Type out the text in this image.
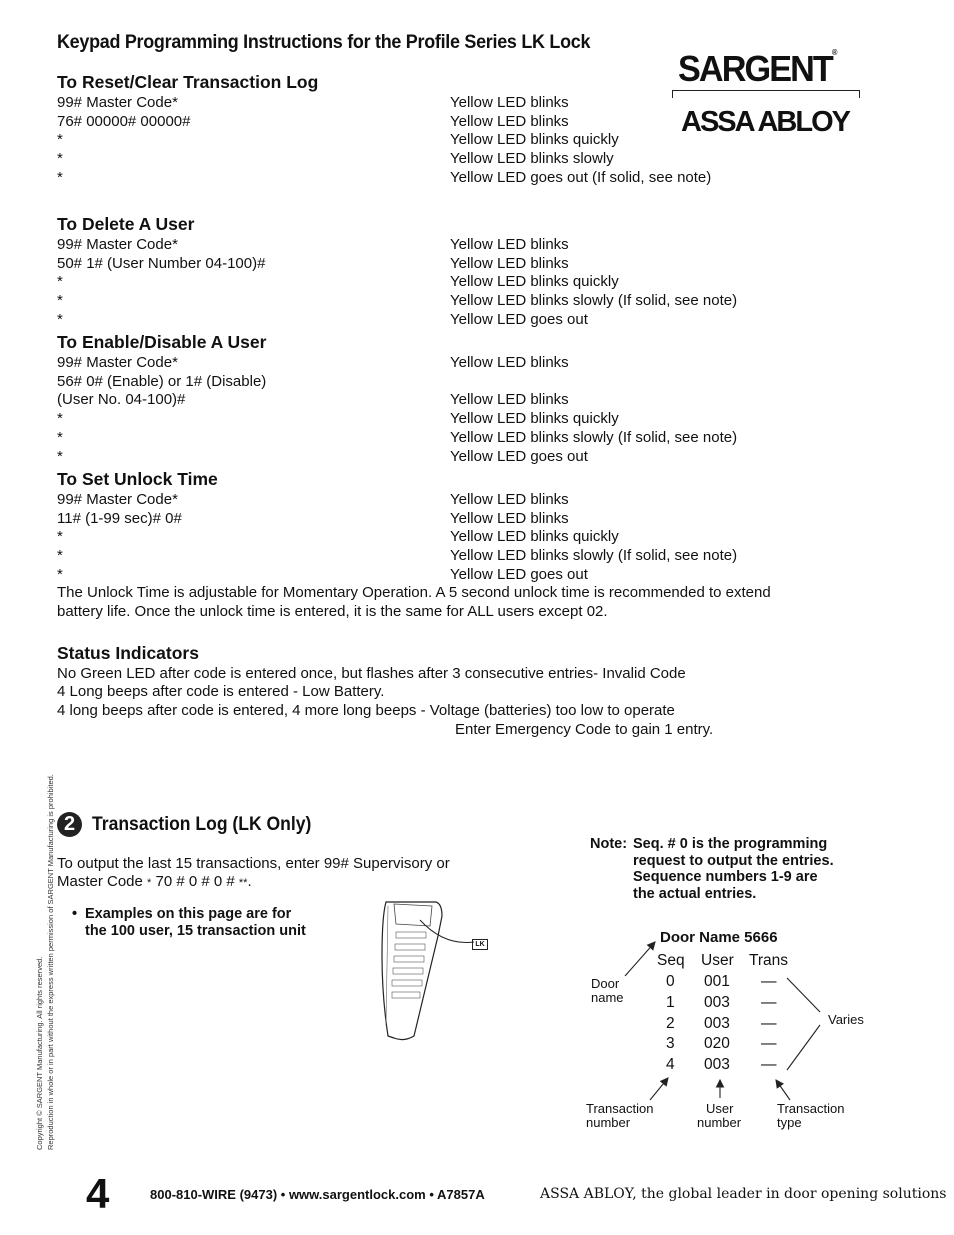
Keypad Programming Instructions for the Profile Series LK Lock
SARGENT®
ASSA ABLOY
To Reset/Clear Transaction Log
99# Master Code*	Yellow LED blinks
76# 00000# 00000#	Yellow LED blinks
*	Yellow LED blinks quickly
*	Yellow LED blinks slowly
*	Yellow LED goes out (If solid, see note)
To Delete A User
99# Master Code*	Yellow LED blinks
50# 1# (User Number 04-100)#	Yellow LED blinks
*	Yellow LED blinks quickly
*	Yellow LED blinks slowly (If solid, see note)
*	Yellow LED goes out
To Enable/Disable A User
99# Master Code*	Yellow LED blinks
56# 0# (Enable) or 1# (Disable)
(User No. 04-100)#	Yellow LED blinks
*	Yellow LED blinks quickly
*	Yellow LED blinks slowly (If solid, see note)
*	Yellow LED goes out
To Set Unlock Time
99# Master Code*	Yellow LED blinks
11# (1-99 sec)# 0#	Yellow LED blinks
*	Yellow LED blinks quickly
*	Yellow LED blinks slowly (If solid, see note)
*	Yellow LED goes out
The Unlock Time is adjustable for Momentary Operation. A 5 second unlock time is recommended to extend
battery life. Once the unlock time is entered, it is the same for ALL users except 02.
Status Indicators
No Green LED after code is entered once, but flashes after 3 consecutive entries- Invalid Code
4 Long beeps after code is entered - Low Battery.
4 long beeps after code is entered, 4 more long beeps - Voltage (batteries) too low to operate
Enter Emergency Code to gain 1 entry.
Copyright © SARGENT Manufacturing. All rights reserved. Reproduction in whole or in part without the express written permission of SARGENT Manufacturing is prohibited. 2 Transaction Log (LK Only)
To output the last 15 transactions, enter 99# Supervisory or
Master Code * 70 # 0 # 0 # **.
• Examples on this page are for
the 100 user, 15 transaction unit
LK
Note: Seq. # 0 is the programming
request to output the entries.
Sequence numbers 1-9 are
the actual entries.
Door Name 5666
Seq User Trans
0 001 —
1 003 —
2 003 —
3 020 —
4 003 —
Door
name
Varies
Transaction
number
User
number
Transaction
type
4	800-810-WIRE (9473) • www.sargentlock.com • A7857A	ASSA ABLOY, the global leader in door opening solutions
